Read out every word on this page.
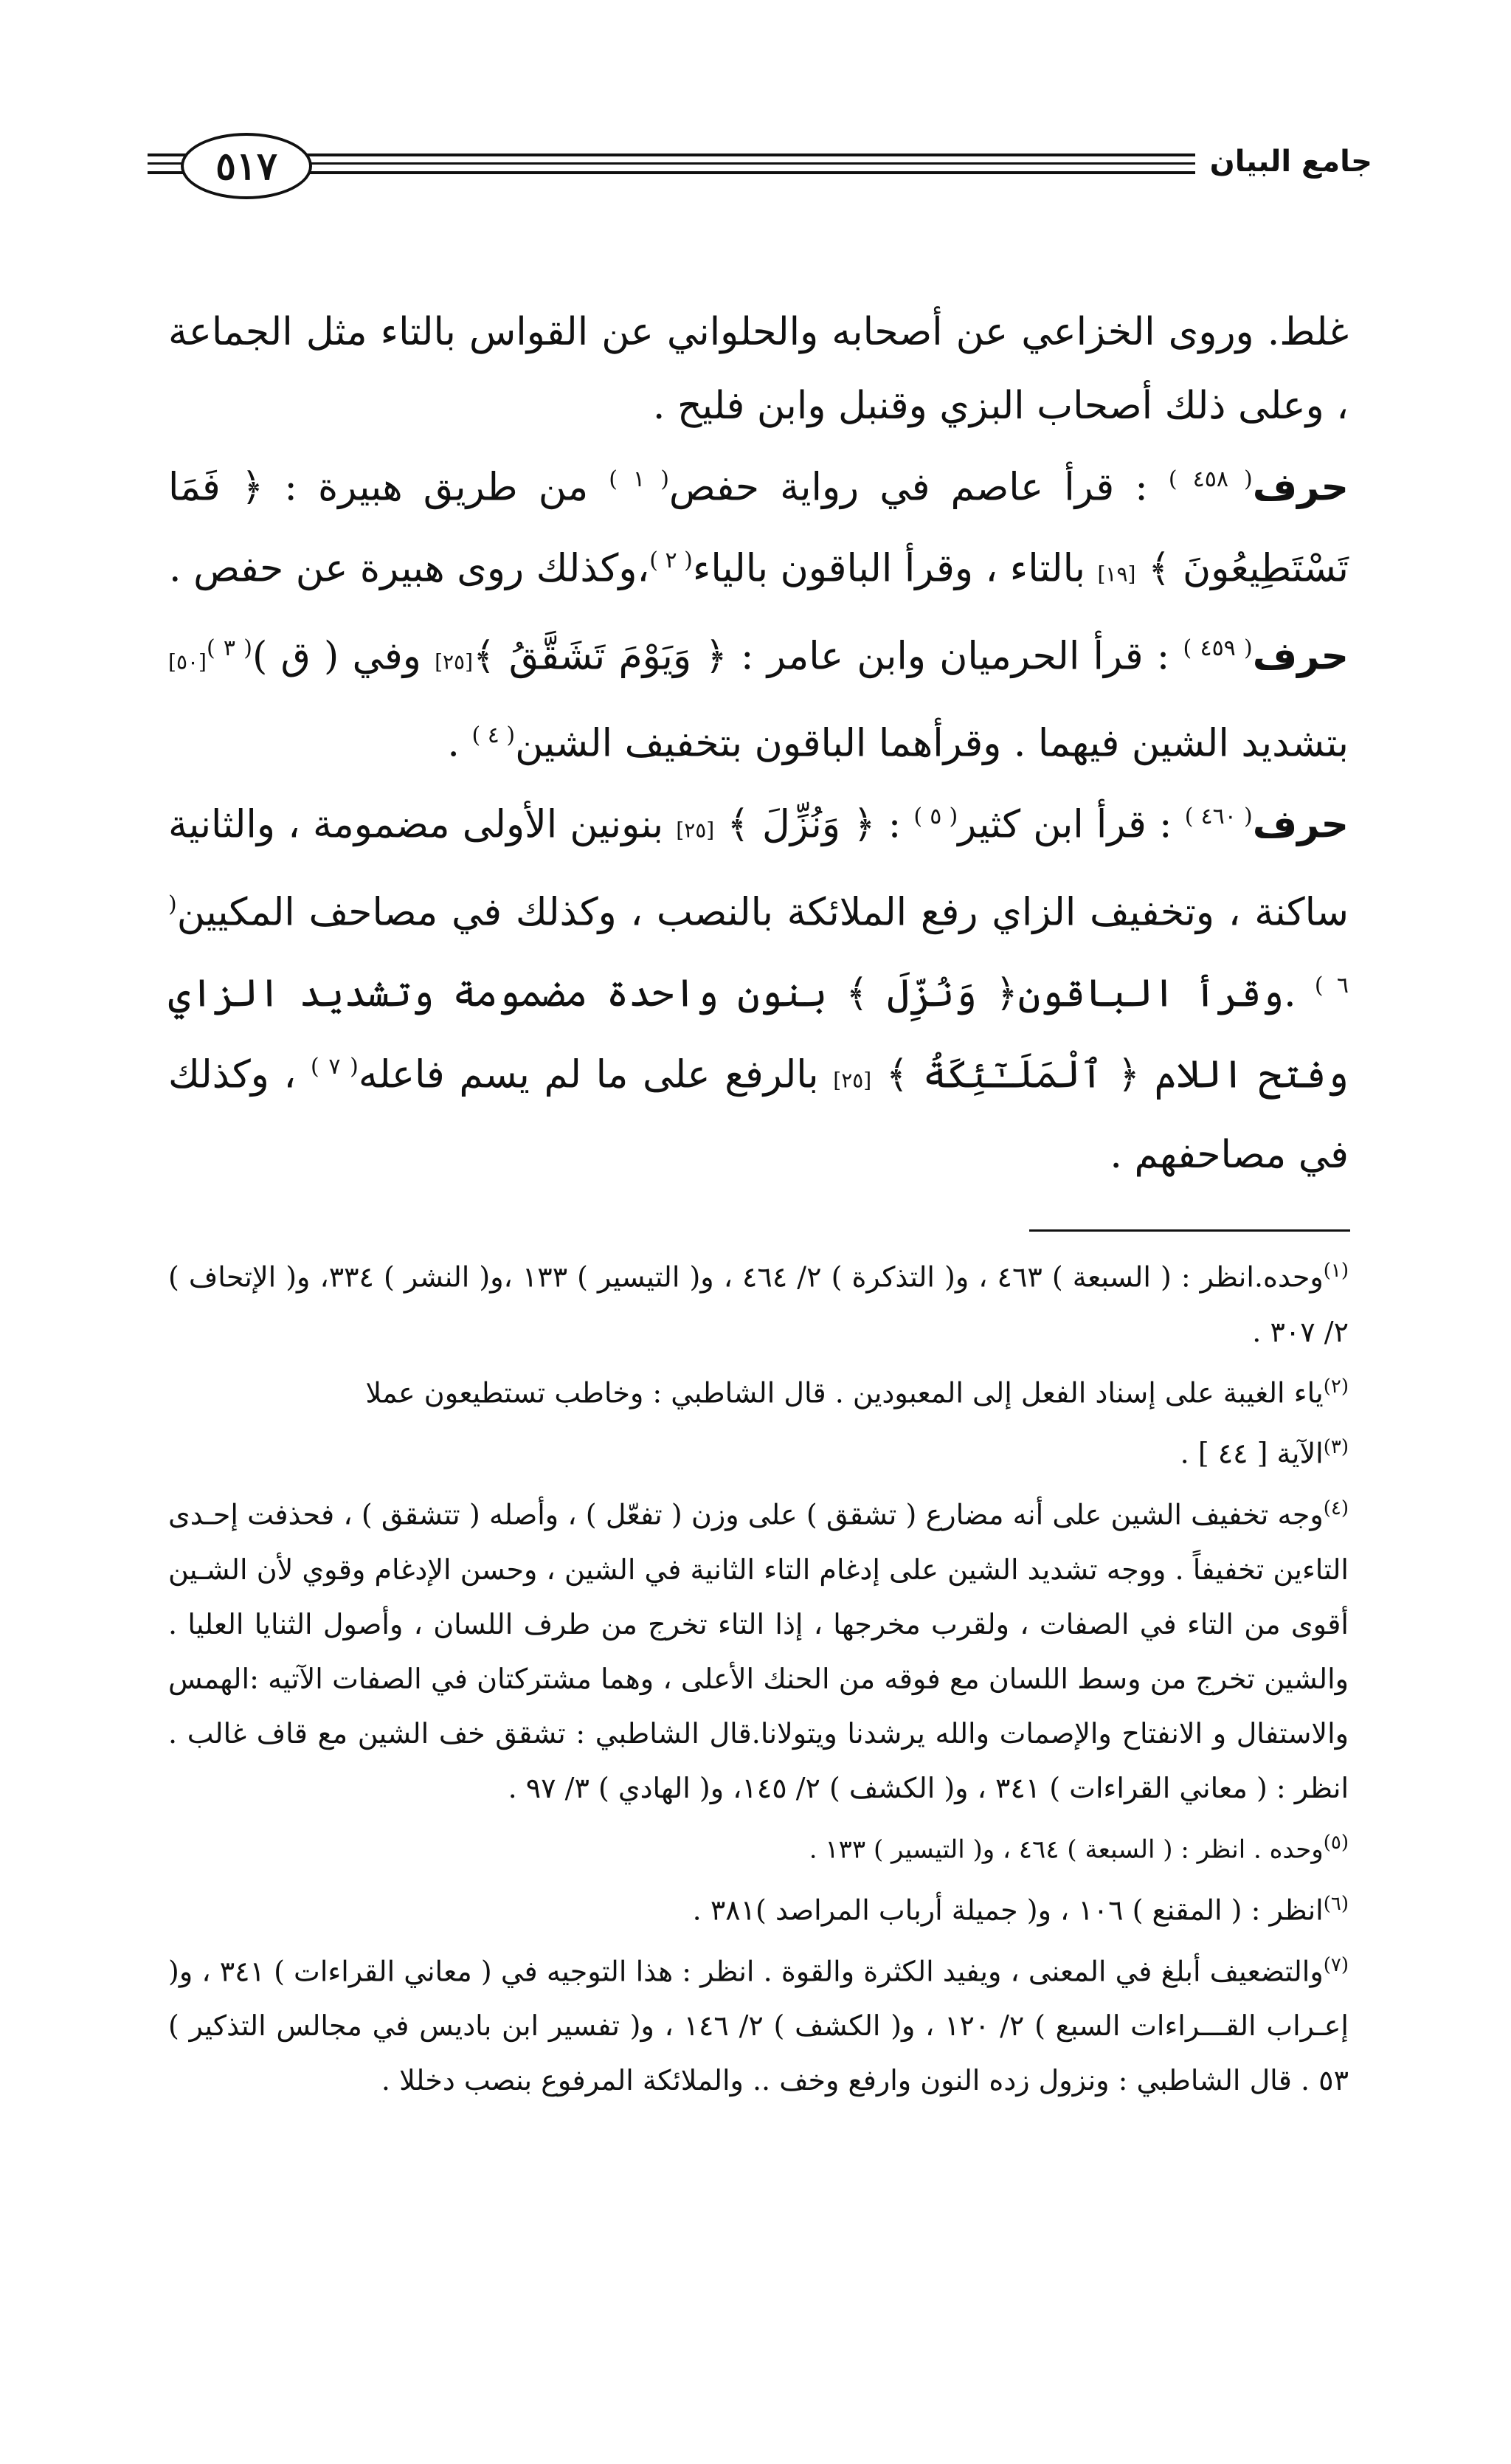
٥١٧	جامع البيان

غلط. وروى الخزاعي عن أصحابه والحلواني عن القواس بالتاء مثل الجماعة ، وعلى ذلك أصحاب البزي وقنبل وابن فليح .

حرف$^{( ٤٥٨ )}$ : قرأ عاصم في رواية حفص$^{( ١ )}$ من طريق هبيرة : ﴿ فَمَا تَسْتَطِيعُونَ ﴾ [١٩] بالتاء ، وقرأ الباقون بالياء$^{( ٢ )}$،وكذلك روى هبيرة عن حفص .

حرف$^{( ٤٥٩ )}$ : قرأ الحرميان وابن عامر : ﴿ وَيَوْمَ تَشَقَّقُ ﴾[٢٥] وفي ( ق )$^{( ٣ )}$[٥٠] بتشديد الشين فيهما . وقرأهما الباقون بتخفيف الشين$^{( ٤ )}$ .

حرف$^{( ٤٦٠ )}$ : قرأ ابن كثير$^{( ٥ )}$ : ﴿ وَنُزِّلَ ﴾ [٢٥] بنونين الأولى مضمومة ، والثانية ساكنة ، وتخفيف الزاي رفع الملائكة بالنصب ، وكذلك في مصاحف المكيين$^{( ٦ )}$ .وقرأ الباقون﴿ وَنُزِّلَ ﴾ بنون واحدة مضمومة وتشديد الزاي وفتح اللام ﴿ ٱلْمَلَـٰٓئِكَةُ ﴾ [٢٥] بالرفع على ما لم يسم فاعله$^{( ٧ )}$ ، وكذلك في مصاحفهم .

$^{(١)}$وحده.انظر : ( السبعة ) ٤٦٣ ، و( التذكرة ) ٢/ ٤٦٤ ، و( التيسير ) ١٣٣ ،و( النشر ) ٣٣٤، و( الإتحاف ) ٢/ ٣٠٧ .

$^{(٢)}$ياء الغيبة على إسناد الفعل إلى المعبودين . قال الشاطبي : وخاطب تستطيعون عملا

$^{(٣)}$الآية [ ٤٤ ] .

$^{(٤)}$وجه تخفيف الشين على أنه مضارع ( تشقق ) على وزن ( تفعّل ) ، وأصله ( تتشقق ) ، فحذفت إحـدى التاءين تخفيفاً . ووجه تشديد الشين على إدغام التاء الثانية في الشين ، وحسن الإدغام وقوي لأن الشـين أقوى من التاء في الصفات ، ولقرب مخرجها ، إذا التاء تخرج من طرف اللسان ، وأصول الثنايا العليا . والشين تخرج من وسط اللسان مع فوقه من الحنك الأعلى ، وهما مشتركتان في الصفات الآتيه :الهمس والاستفال و الانفتاح والإصمات والله يرشدنا ويتولانا.قال الشاطبي : تشقق خف الشين مع قاف غالب . انظر : ( معاني القراءات ) ٣٤١ ، و( الكشف ) ٢/ ١٤٥، و( الهادي ) ٣/ ٩٧ .

$^{(٥)}$وحده . انظر : ( السبعة ) ٤٦٤ ، و( التيسير ) ١٣٣ .

$^{(٦)}$انظر : ( المقنع ) ١٠٦ ، و( جميلة أرباب المراصد )٣٨١ .

$^{(٧)}$والتضعيف أبلغ في المعنى ، ويفيد الكثرة والقوة . انظر : هذا التوجيه في ( معاني القراءات ) ٣٤١ ، و( إعـراب القـــراءات السبع ) ٢/ ١٢٠ ، و( الكشف ) ٢/ ١٤٦ ، و( تفسير ابن باديس في مجالس التذكير ) ٥٣ . قال الشاطبي : ونزول زده النون وارفع وخف .. والملائكة المرفوع بنصب دخللا .
